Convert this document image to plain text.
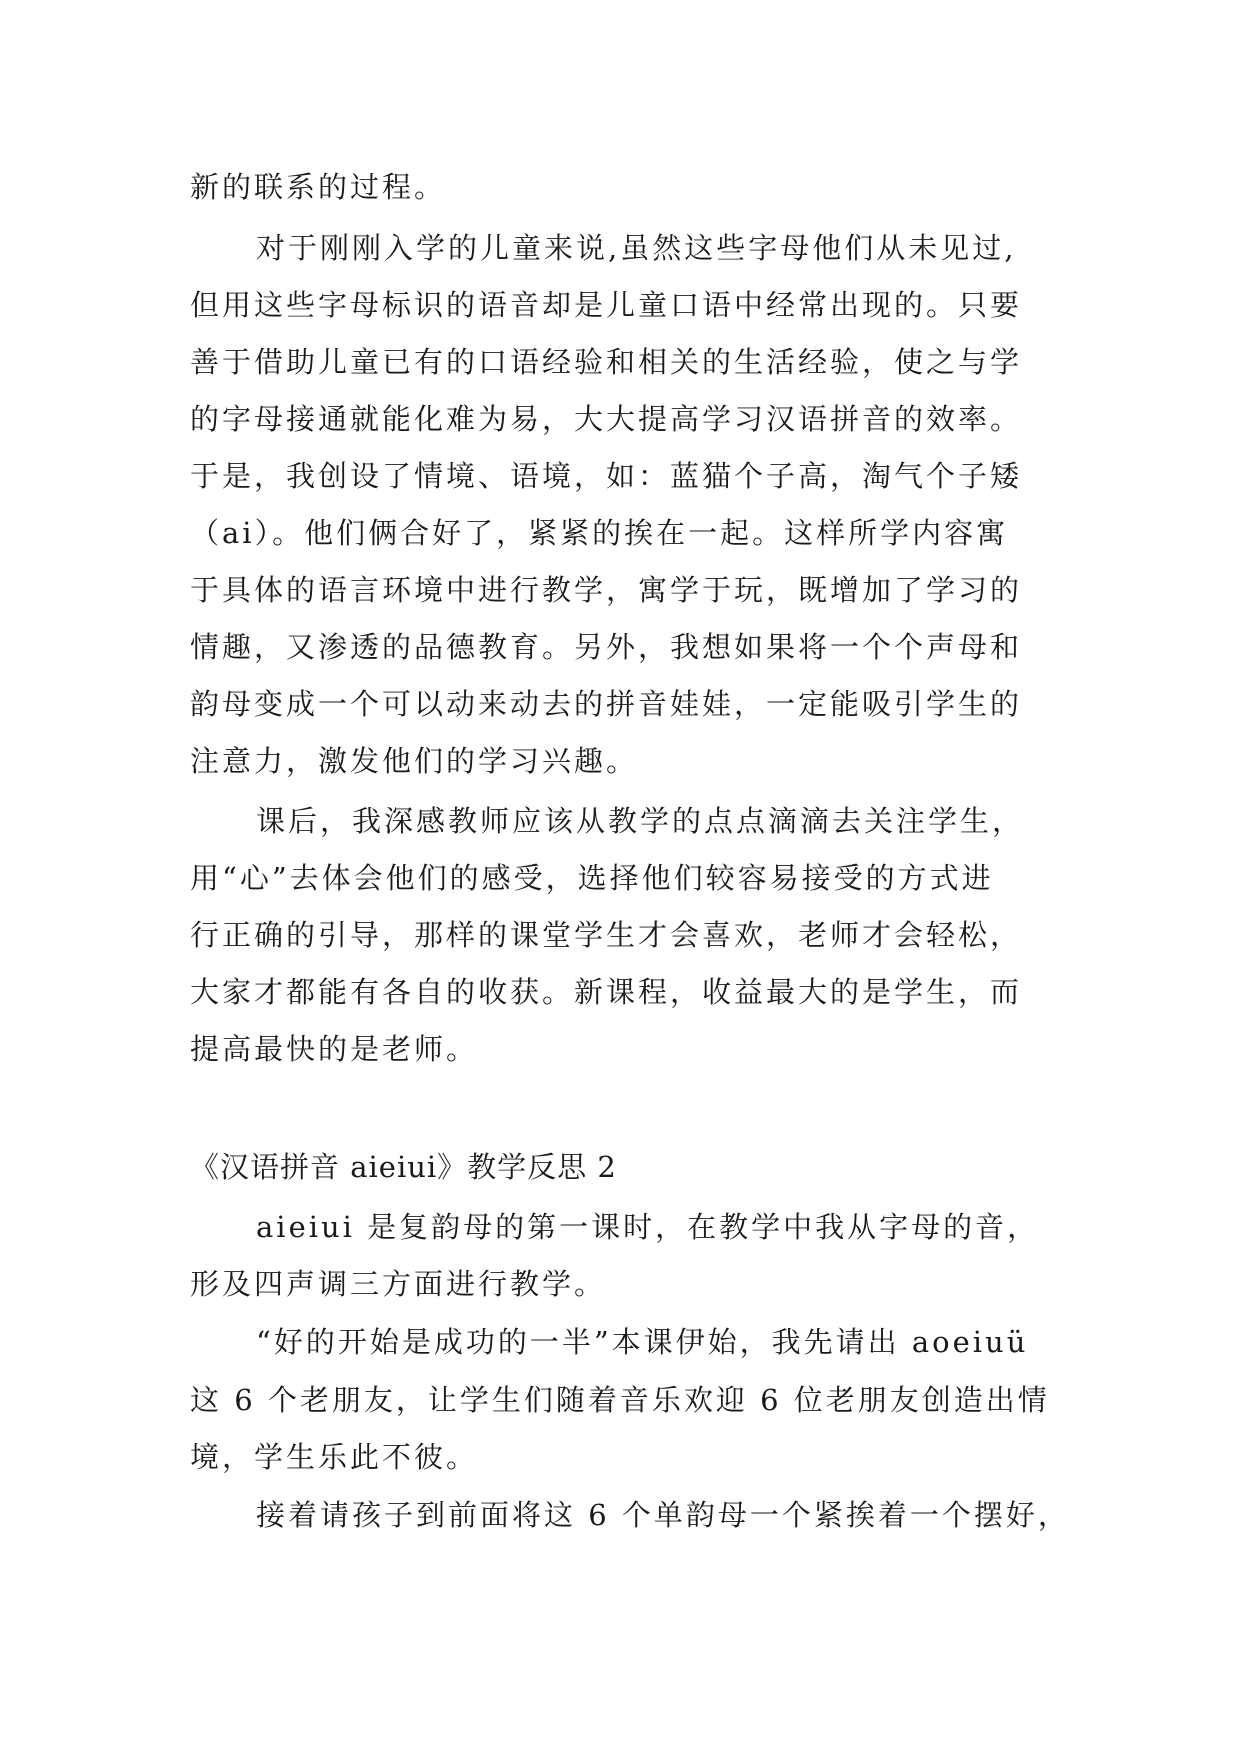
新的联系的过程。

对于刚刚入学的儿童来说,虽然这些字母他们从未见过,

但用这些字母标识的语音却是儿童口语中经常出现的。只要

善于借助儿童已有的口语经验和相关的生活经验，使之与学

的字母接通就能化难为易，大大提高学习汉语拼音的效率。

于是，我创设了情境、语境，如：蓝猫个子高，淘气个子矮

（ai）。他们俩合好了，紧紧的挨在一起。这样所学内容寓

于具体的语言环境中进行教学，寓学于玩，既增加了学习的

情趣，又渗透的品德教育。另外，我想如果将一个个声母和

韵母变成一个可以动来动去的拼音娃娃，一定能吸引学生的

注意力，激发他们的学习兴趣。

课后，我深感教师应该从教学的点点滴滴去关注学生，

用“心”去体会他们的感受，选择他们较容易接受的方式进

行正确的引导，那样的课堂学生才会喜欢，老师才会轻松，

大家才都能有各自的收获。新课程，收益最大的是学生，而

提高最快的是老师。

《汉语拼音 aieiui》教学反思 2

aieiui 是复韵母的第一课时，在教学中我从字母的音，

形及四声调三方面进行教学。

“好的开始是成功的一半”本课伊始，我先请出 aoeiuü

这 6 个老朋友，让学生们随着音乐欢迎 6 位老朋友创造出情

境，学生乐此不彼。

接着请孩子到前面将这 6 个单韵母一个紧挨着一个摆好，
